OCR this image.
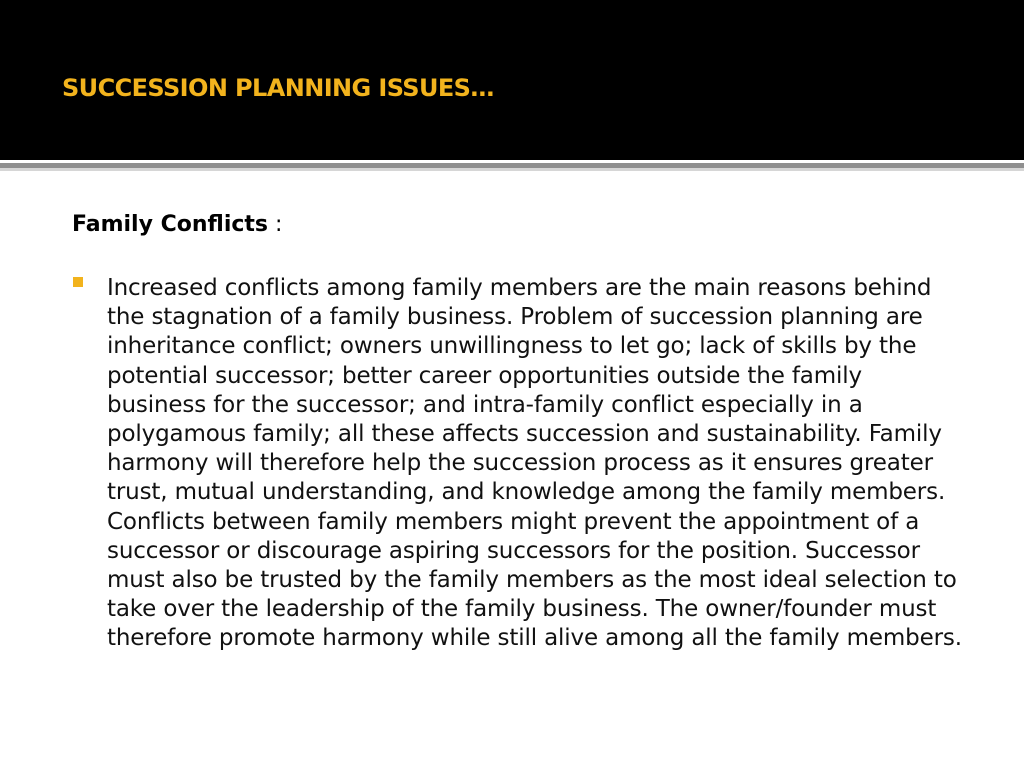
SUCCESSION PLANNING ISSUES…

Family Conflicts :

Increased conflicts among family members are the main reasons behind the stagnation of a family business. Problem of succession planning are inheritance conflict; owners unwillingness to let go; lack of skills by the potential successor; better career opportunities outside the family business for the successor; and intra-family conflict especially in a polygamous family; all these affects succession and sustainability. Family harmony will therefore help the succession process as it ensures greater trust, mutual understanding, and knowledge among the family members. Conflicts between family members might prevent the appointment of a successor or discourage aspiring successors for the position. Successor must also be trusted by the family members as the most ideal selection to take over the leadership of the family business. The owner/founder must therefore promote harmony while still alive among all the family members.
